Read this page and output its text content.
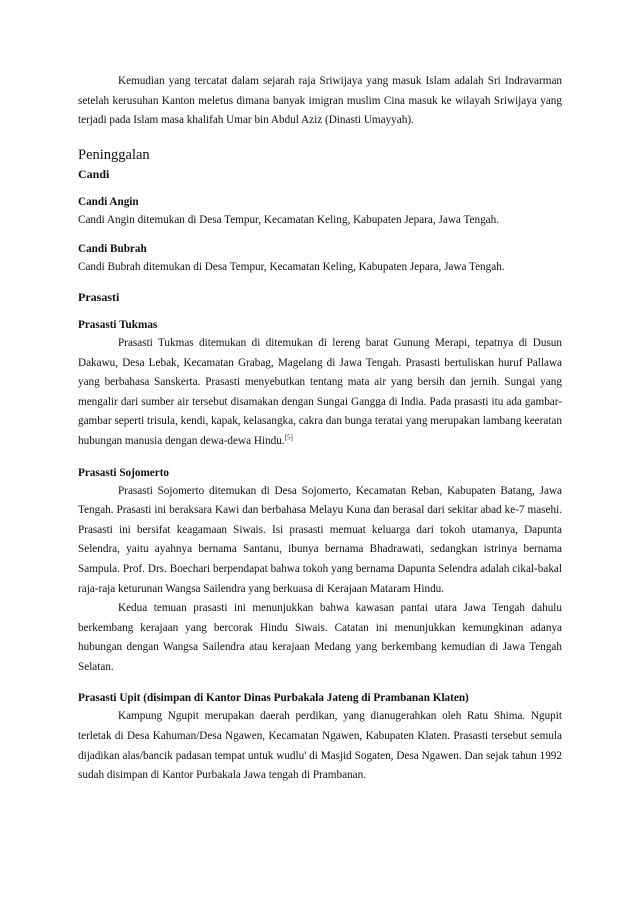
Kemudian yang tercatat dalam sejarah raja Sriwijaya yang masuk Islam adalah Sri Indravarman setelah kerusuhan Kanton meletus dimana banyak imigran muslim Cina masuk ke wilayah Sriwijaya yang terjadi pada Islam masa khalifah Umar bin Abdul Aziz (Dinasti Umayyah).

Peninggalan
Candi
Candi Angin

Candi Angin ditemukan di Desa Tempur, Kecamatan Keling, Kabupaten Jepara, Jawa Tengah.

Candi Bubrah

Candi Bubrah ditemukan di Desa Tempur, Kecamatan Keling, Kabupaten Jepara, Jawa Tengah.

Prasasti
Prasasti Tukmas

Prasasti Tukmas ditemukan di ditemukan di lereng barat Gunung Merapi, tepatnya di Dusun Dakawu, Desa Lebak, Kecamatan Grabag, Magelang di Jawa Tengah. Prasasti bertuliskan huruf Pallawa yang berbahasa Sanskerta. Prasasti menyebutkan tentang mata air yang bersih dan jernih. Sungai yang mengalir dari sumber air tersebut disamakan dengan Sungai Gangga di India. Pada prasasti itu ada gambar-gambar seperti trisula, kendi, kapak, kelasangka, cakra dan bunga teratai yang merupakan lambang keeratan hubungan manusia dengan dewa-dewa Hindu.[5]

Prasasti Sojomerto

Prasasti Sojomerto ditemukan di Desa Sojomerto, Kecamatan Reban, Kabupaten Batang, Jawa Tengah. Prasasti ini beraksara Kawi dan berbahasa Melayu Kuna dan berasal dari sekitar abad ke-7 masehi. Prasasti ini bersifat keagamaan Siwais. Isi prasasti memuat keluarga dari tokoh utamanya, Dapunta Selendra, yaitu ayahnya bernama Santanu, ibunya bernama Bhadrawati, sedangkan istrinya bernama Sampula. Prof. Drs. Boechari berpendapat bahwa tokoh yang bernama Dapunta Selendra adalah cikal-bakal raja-raja keturunan Wangsa Sailendra yang berkuasa di Kerajaan Mataram Hindu.

Kedua temuan prasasti ini menunjukkan bahwa kawasan pantai utara Jawa Tengah dahulu berkembang kerajaan yang bercorak Hindu Siwais. Catatan ini menunjukkan kemungkinan adanya hubungan dengan Wangsa Sailendra atau kerajaan Medang yang berkembang kemudian di Jawa Tengah Selatan.

Prasasti Upit (disimpan di Kantor Dinas Purbakala Jateng di Prambanan Klaten)

Kampung Ngupit merupakan daerah perdikan, yang dianugerahkan oleh Ratu Shima. Ngupit terletak di Desa Kahuman/Desa Ngawen, Kecamatan Ngawen, Kabupaten Klaten. Prasasti tersebut semula dijadikan alas/bancik padasan tempat untuk wudlu' di Masjid Sogaten, Desa Ngawen. Dan sejak tahun 1992 sudah disimpan di Kantor Purbakala Jawa tengah di Prambanan.
